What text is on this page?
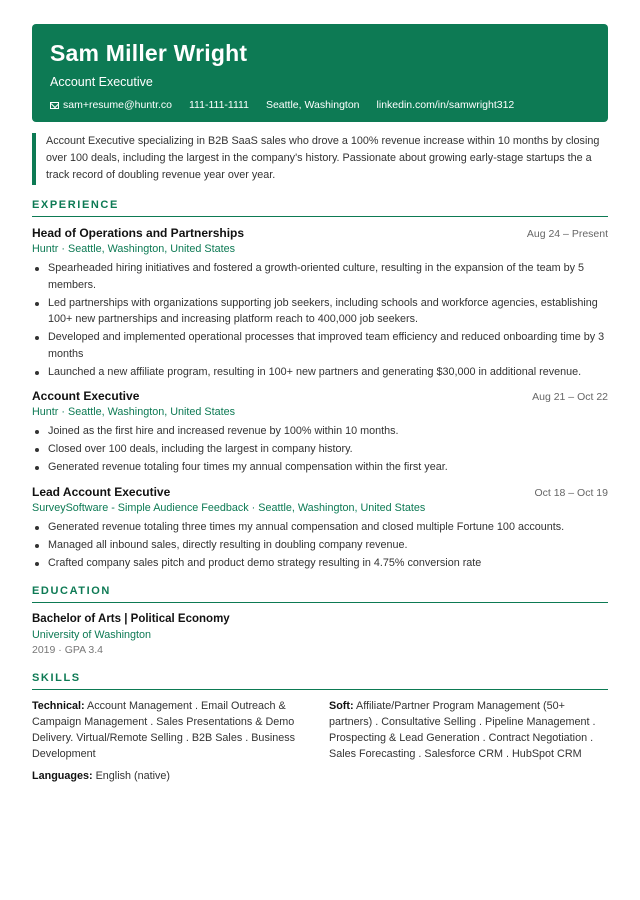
Sam Miller Wright
Account Executive
sam+resume@huntr.co 111-111-1111 Seattle, Washington linkedin.com/in/samwright312
Account Executive specializing in B2B SaaS sales who drove a 100% revenue increase within 10 months by closing over 100 deals, including the largest in the company's history. Passionate about growing early-stage startups the a track record of doubling revenue year over year.
EXPERIENCE
Head of Operations and Partnerships	Aug 24 – Present
Huntr · Seattle, Washington, United States
Spearheaded hiring initiatives and fostered a growth-oriented culture, resulting in the expansion of the team by 5 members.
Led partnerships with organizations supporting job seekers, including schools and workforce agencies, establishing 100+ new partnerships and increasing platform reach to 400,000 job seekers.
Developed and implemented operational processes that improved team efficiency and reduced onboarding time by 3 months
Launched a new affiliate program, resulting in 100+ new partners and generating $30,000 in additional revenue.
Account Executive	Aug 21 – Oct 22
Huntr · Seattle, Washington, United States
Joined as the first hire and increased revenue by 100% within 10 months.
Closed over 100 deals, including the largest in company history.
Generated revenue totaling four times my annual compensation within the first year.
Lead Account Executive	Oct 18 – Oct 19
SurveySoftware - Simple Audience Feedback · Seattle, Washington, United States
Generated revenue totaling three times my annual compensation and closed multiple Fortune 100 accounts.
Managed all inbound sales, directly resulting in doubling company revenue.
Crafted company sales pitch and product demo strategy resulting in 4.75% conversion rate
EDUCATION
Bachelor of Arts | Political Economy
University of Washington
2019 · GPA 3.4
SKILLS
Technical: Account Management . Email Outreach & Campaign Management . Sales Presentations & Demo Delivery. Virtual/Remote Selling . B2B Sales . Business Development
Soft: Affiliate/Partner Program Management (50+ partners) . Consultative Selling . Pipeline Management . Prospecting & Lead Generation . Contract Negotiation . Sales Forecasting . Salesforce CRM . HubSpot CRM
Languages: English (native)
